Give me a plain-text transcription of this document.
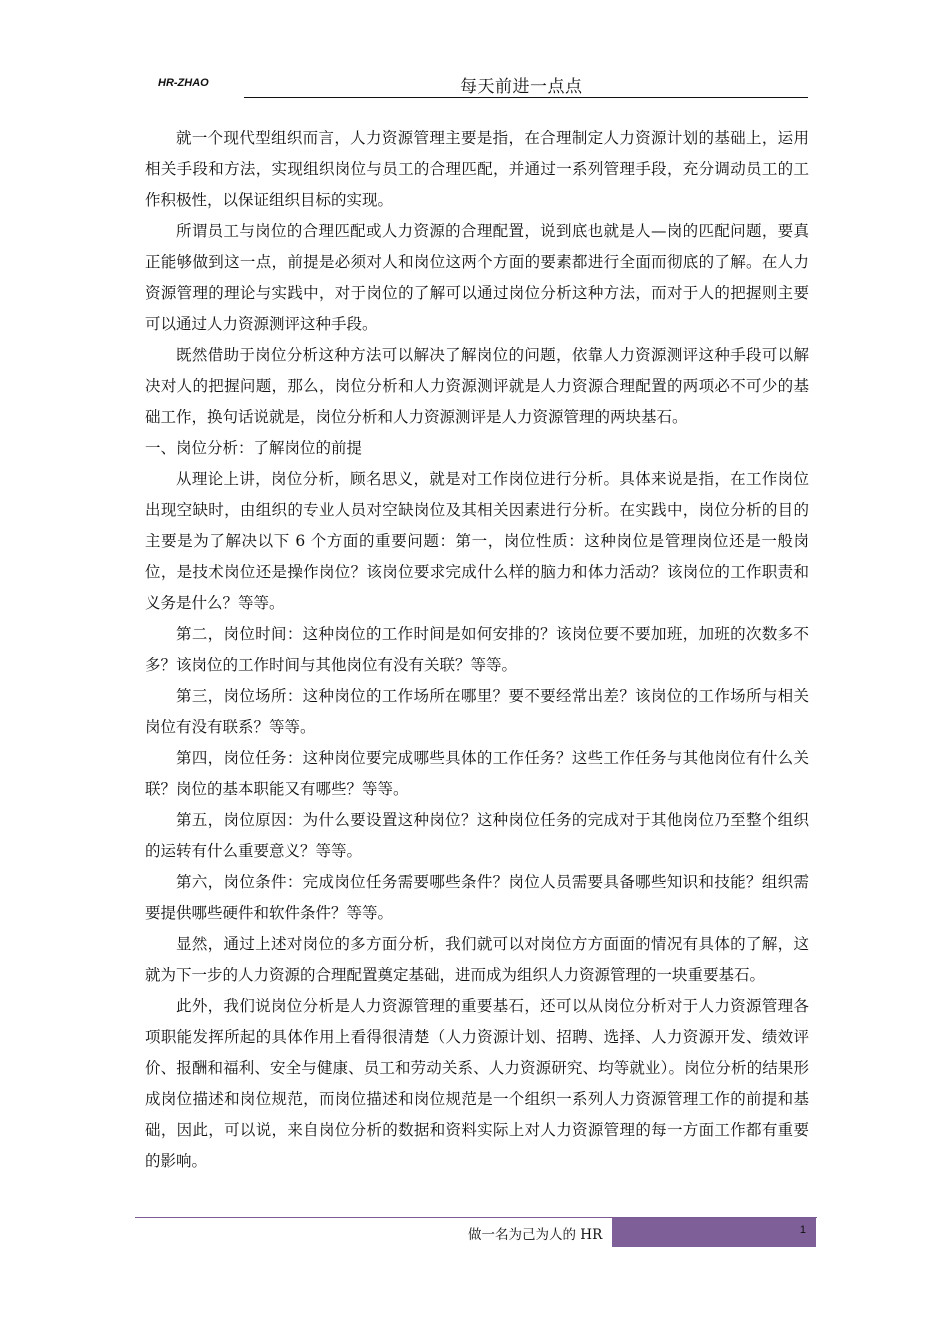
HR-ZHAO	每天前进一点点

就一个现代型组织而言，人力资源管理主要是指，在合理制定人力资源计划的基础上，运用相关手段和方法，实现组织岗位与员工的合理匹配，并通过一系列管理手段，充分调动员工的工作积极性，以保证组织目标的实现。

所谓员工与岗位的合理匹配或人力资源的合理配置，说到底也就是人—岗的匹配问题，要真正能够做到这一点，前提是必须对人和岗位这两个方面的要素都进行全面而彻底的了解。在人力资源管理的理论与实践中，对于岗位的了解可以通过岗位分析这种方法，而对于人的把握则主要可以通过人力资源测评这种手段。

既然借助于岗位分析这种方法可以解决了解岗位的问题，依靠人力资源测评这种手段可以解决对人的把握问题，那么，岗位分析和人力资源测评就是人力资源合理配置的两项必不可少的基础工作，换句话说就是，岗位分析和人力资源测评是人力资源管理的两块基石。

一、岗位分析：了解岗位的前提

从理论上讲，岗位分析，顾名思义，就是对工作岗位进行分析。具体来说是指，在工作岗位出现空缺时，由组织的专业人员对空缺岗位及其相关因素进行分析。在实践中，岗位分析的目的主要是为了解决以下 6 个方面的重要问题：第一，岗位性质：这种岗位是管理岗位还是一般岗位，是技术岗位还是操作岗位？该岗位要求完成什么样的脑力和体力活动？该岗位的工作职责和义务是什么？等等。

第二，岗位时间：这种岗位的工作时间是如何安排的？该岗位要不要加班，加班的次数多不多？该岗位的工作时间与其他岗位有没有关联？等等。

第三，岗位场所：这种岗位的工作场所在哪里？要不要经常出差？该岗位的工作场所与相关岗位有没有联系？等等。

第四，岗位任务：这种岗位要完成哪些具体的工作任务？这些工作任务与其他岗位有什么关联？岗位的基本职能又有哪些？等等。

第五，岗位原因：为什么要设置这种岗位？这种岗位任务的完成对于其他岗位乃至整个组织的运转有什么重要意义？等等。

第六，岗位条件：完成岗位任务需要哪些条件？岗位人员需要具备哪些知识和技能？组织需要提供哪些硬件和软件条件？等等。

显然，通过上述对岗位的多方面分析，我们就可以对岗位方方面面的情况有具体的了解，这就为下一步的人力资源的合理配置奠定基础，进而成为组织人力资源管理的一块重要基石。

此外，我们说岗位分析是人力资源管理的重要基石，还可以从岗位分析对于人力资源管理各项职能发挥所起的具体作用上看得很清楚（人力资源计划、招聘、选择、人力资源开发、绩效评价、报酬和福利、安全与健康、员工和劳动关系、人力资源研究、均等就业）。岗位分析的结果形成岗位描述和岗位规范，而岗位描述和岗位规范是一个组织一系列人力资源管理工作的前提和基础，因此，可以说，来自岗位分析的数据和资料实际上对人力资源管理的每一方面工作都有重要的影响。

做一名为己为人的 HR	1
